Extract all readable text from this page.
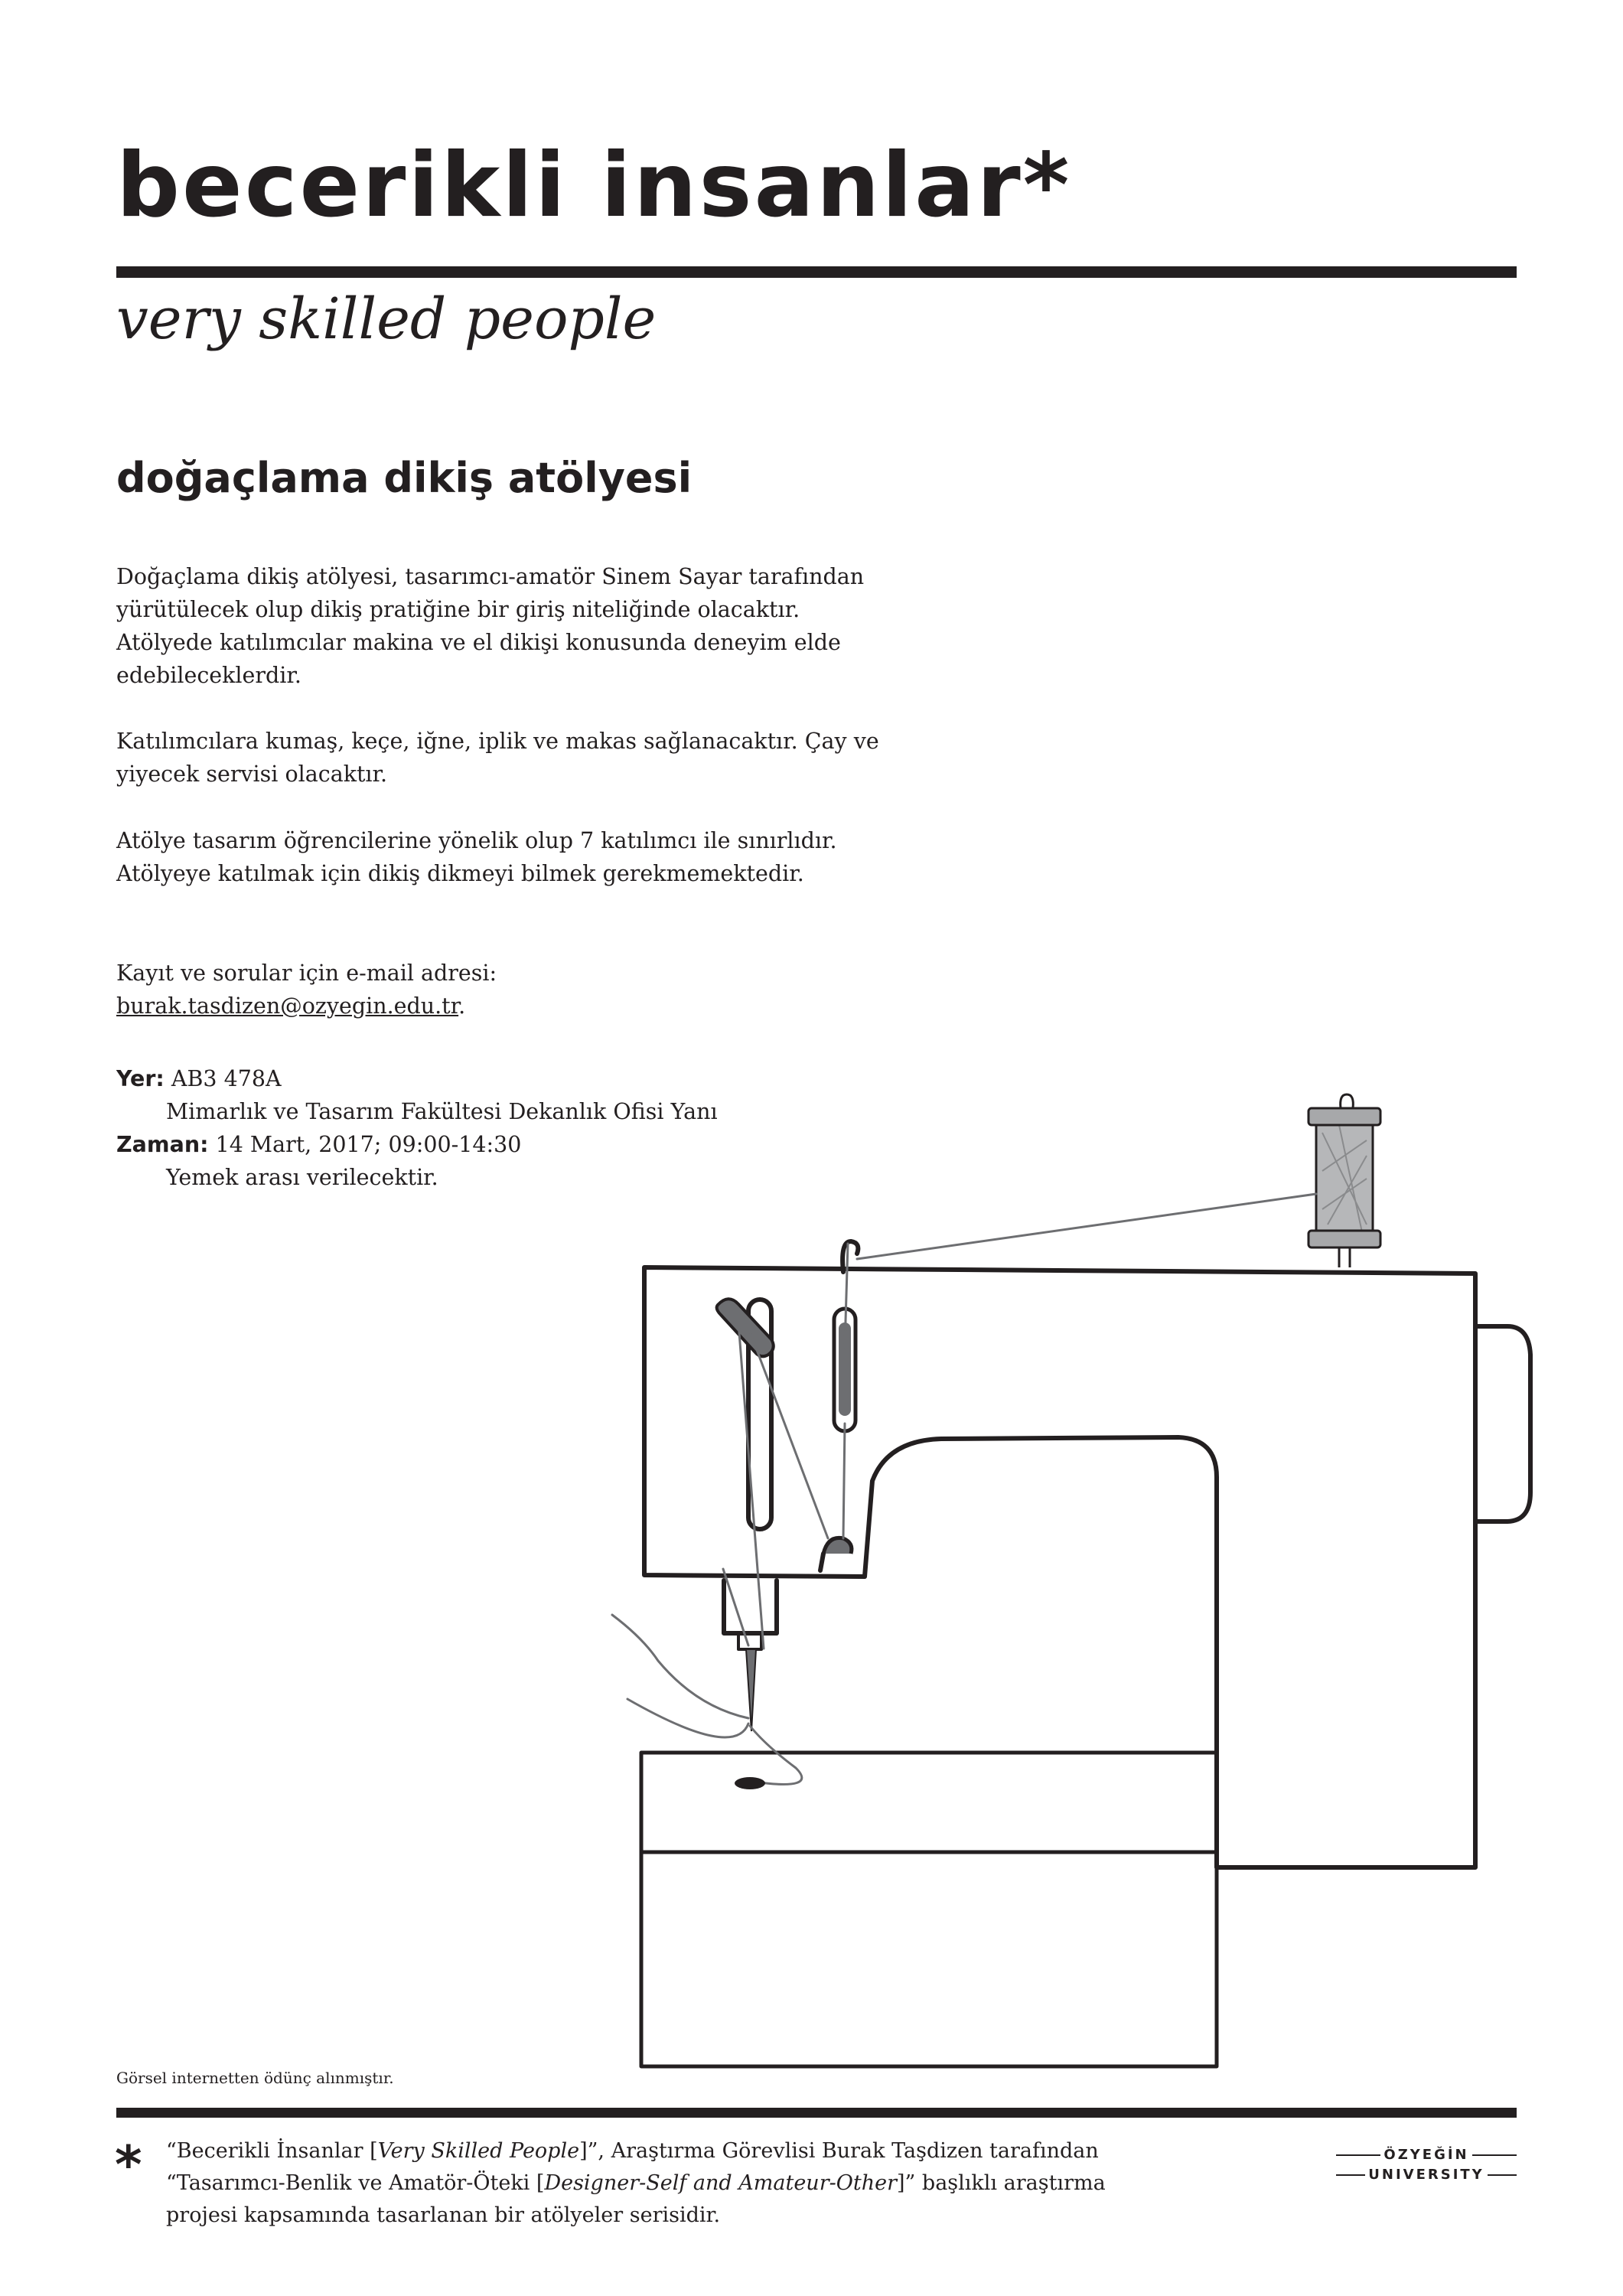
becerikli insanlar*
very skilled people
doğaçlama dikiş atölyesi
Doğaçlama dikiş atölyesi, tasarımcı-amatör Sinem Sayar tarafından yürütülecek olup dikiş pratiğine bir giriş niteliğinde olacaktır. Atölyede katılımcılar makina ve el dikişi konusunda deneyim elde edebileceklerdir.
Katılımcılara kumaş, keçe, iğne, iplik ve makas sağlanacaktır. Çay ve yiyecek servisi olacaktır.
Atölye tasarım öğrencilerine yönelik olup 7 katılımcı ile sınırlıdır. Atölyeye katılmak için dikiş dikmeyi bilmek gerekmemektedir.
Kayıt ve sorular için e-mail adresi:
burak.tasdizen@ozyegin.edu.tr.
Yer: AB3 478A
Mimarlık ve Tasarım Fakültesi Dekanlık Ofisi Yanı
Zaman: 14 Mart, 2017; 09:00-14:30
Yemek arası verilecektir.
Görsel internetten ödünç alınmıştır.
* “Becerikli İnsanlar [Very Skilled People]”, Araştırma Görevlisi Burak Taşdizen tarafından “Tasarımcı-Benlik ve Amatör-Öteki [Designer-Self and Amateur-Other]” başlıklı araştırma projesi kapsamında tasarlanan bir atölyeler serisidir.
ÖZYEĞİN
UNIVERSITY
